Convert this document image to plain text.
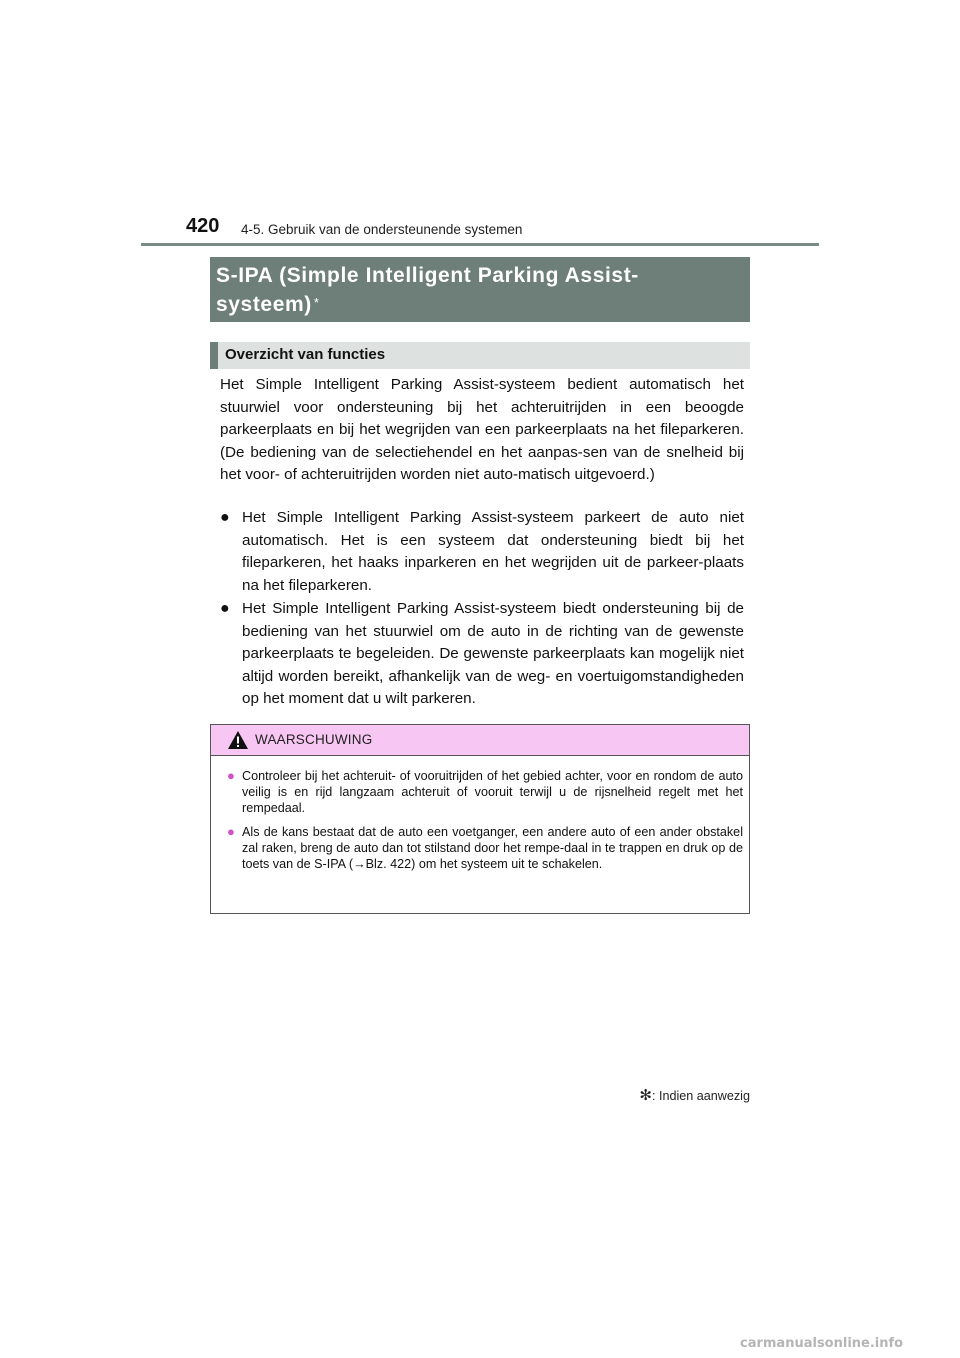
420 4-5. Gebruik van de ondersteunende systemen
S-IPA (Simple Intelligent Parking Assist-
systeem) *
Overzicht van functies

Het Simple Intelligent Parking Assist-systeem bedient automatisch het stuurwiel voor ondersteuning bij het achteruitrijden in een beoogde parkeerplaats en bij het wegrijden van een parkeerplaats na het fileparkeren. (De bediening van de selectiehendel en het aanpas-sen van de snelheid bij het voor- of achteruitrijden worden niet auto-matisch uitgevoerd.)

● Het Simple Intelligent Parking Assist-systeem parkeert de auto niet automatisch. Het is een systeem dat ondersteuning biedt bij het fileparkeren, het haaks inparkeren en het wegrijden uit de parkeer-plaats na het fileparkeren.
● Het Simple Intelligent Parking Assist-systeem biedt ondersteuning bij de bediening van het stuurwiel om de auto in de richting van de gewenste parkeerplaats te begeleiden. De gewenste parkeerplaats kan mogelijk niet altijd worden bereikt, afhankelijk van de weg- en voertuigomstandigheden op het moment dat u wilt parkeren.
WAARSCHUWING
● Controleer bij het achteruit- of vooruitrijden of het gebied achter, voor en rondom de auto veilig is en rijd langzaam achteruit of vooruit terwijl u de rijsnelheid regelt met het rempedaal.
● Als de kans bestaat dat de auto een voetganger, een andere auto of een ander obstakel zal raken, breng de auto dan tot stilstand door het rempe-daal in te trappen en druk op de toets van de S-IPA (→Blz. 422) om het systeem uit te schakelen.
✻: Indien aanwezig
carmanualsonline.info
